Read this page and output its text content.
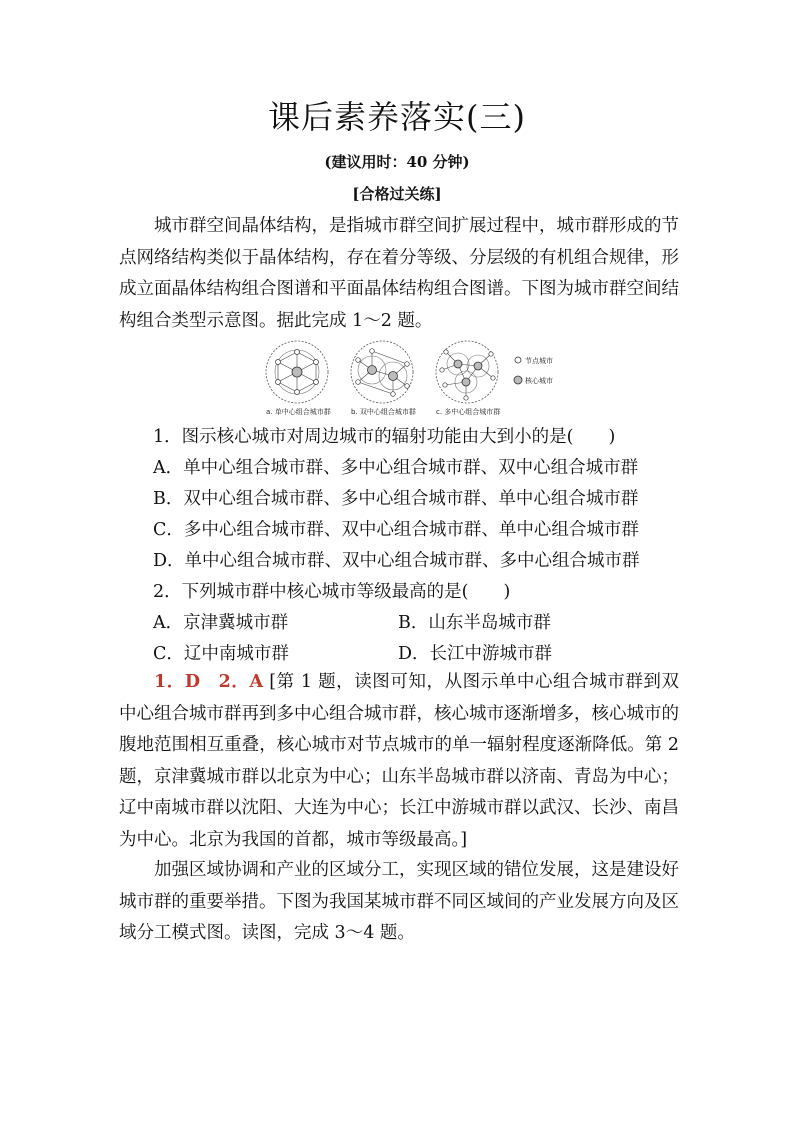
课后素养落实(三)
(建议用时：40 分钟)
[合格过关练]

城市群空间晶体结构，是指城市群空间扩展过程中，城市群形成的节点网络结构类似于晶体结构，存在着分等级、分层级的有机组合规律，形成立面晶体结构组合图谱和平面晶体结构组合图谱。下图为城市群空间结构组合类型示意图。据此完成 1～2 题。

节点城市
核心城市
a. 单中心组合城市群	b. 双中心组合城市群	c. 多中心组合城市群
1．图示核心城市对周边城市的辐射功能由大到小的是(　　)
A．单中心组合城市群、多中心组合城市群、双中心组合城市群
B．双中心组合城市群、多中心组合城市群、单中心组合城市群
C．多中心组合城市群、双中心组合城市群、单中心组合城市群
D．单中心组合城市群、双中心组合城市群、多中心组合城市群
2．下列城市群中核心城市等级最高的是(　　)
A．京津冀城市群	B．山东半岛城市群
C．辽中南城市群	D．长江中游城市群

1．D　2．A [第 1 题，读图可知，从图示单中心组合城市群到双中心组合城市群再到多中心组合城市群，核心城市逐渐增多，核心城市的腹地范围相互重叠，核心城市对节点城市的单一辐射程度逐渐降低。第 2 题，京津冀城市群以北京为中心；山东半岛城市群以济南、青岛为中心；辽中南城市群以沈阳、大连为中心；长江中游城市群以武汉、长沙、南昌为中心。北京为我国的首都，城市等级最高。]

加强区域协调和产业的区域分工，实现区域的错位发展，这是建设好城市群的重要举措。下图为我国某城市群不同区域间的产业发展方向及区域分工模式图。读图，完成 3～4 题。
